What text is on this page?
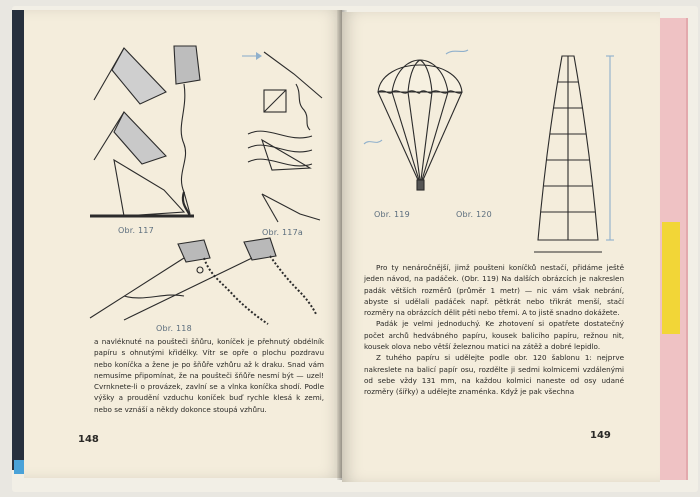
Obr. 117	Obr. 117a
Obr. 118

a navléknuté na poušteči šňůru, koníček je přehnutý obdélník papíru s ohnutými křidélky. Vítr se opře o plochu pozdravu nebo koníčka a žene je po šňůře vzhůru až k draku. Snad vám nemusíme připomínat, že na poušteči šňůře nesmí být — uzel! Cvrnknete-li o provázek, zavlní se a vlnka koníčka shodí. Podle výšky a proudění vzduchu koníček buď rychle klesá k zemi, nebo se vznáší a někdy dokonce stoupá vzhůru.

148
Obr. 119	Obr. 120

Pro ty nenáročnější, jimž poušteni koníčků nestačí, přidáme ještě jeden návod, na padáček. (Obr. 119) Na dalších obrázcích je nakreslen padák větších rozměrů (průměr 1 metr) — nic vám však nebrání, abyste si udělali padáček např. pětkrát nebo třikrát menší, stačí rozměry na obrázcích dělit pěti nebo třemi. A to jistě snadno dokážete.

Padák je velmi jednoduchý. Ke zhotovení si opatřete dostatečný počet archů hedvábného papíru, kousek balicího papíru, režnou nit, kousek olova nebo větší železnou matici na zátěž a dobré lepidlo.

Z tuhého papíru si udělejte podle obr. 120 šablonu 1: nejprve nakreslete na balicí papír osu, rozdělte ji sedmi kolmicemi vzdálenými od sebe vždy 131 mm, na každou kolmici naneste od osy udané rozměry (šířky) a udělejte znaménka. Když je pak všechna

149
